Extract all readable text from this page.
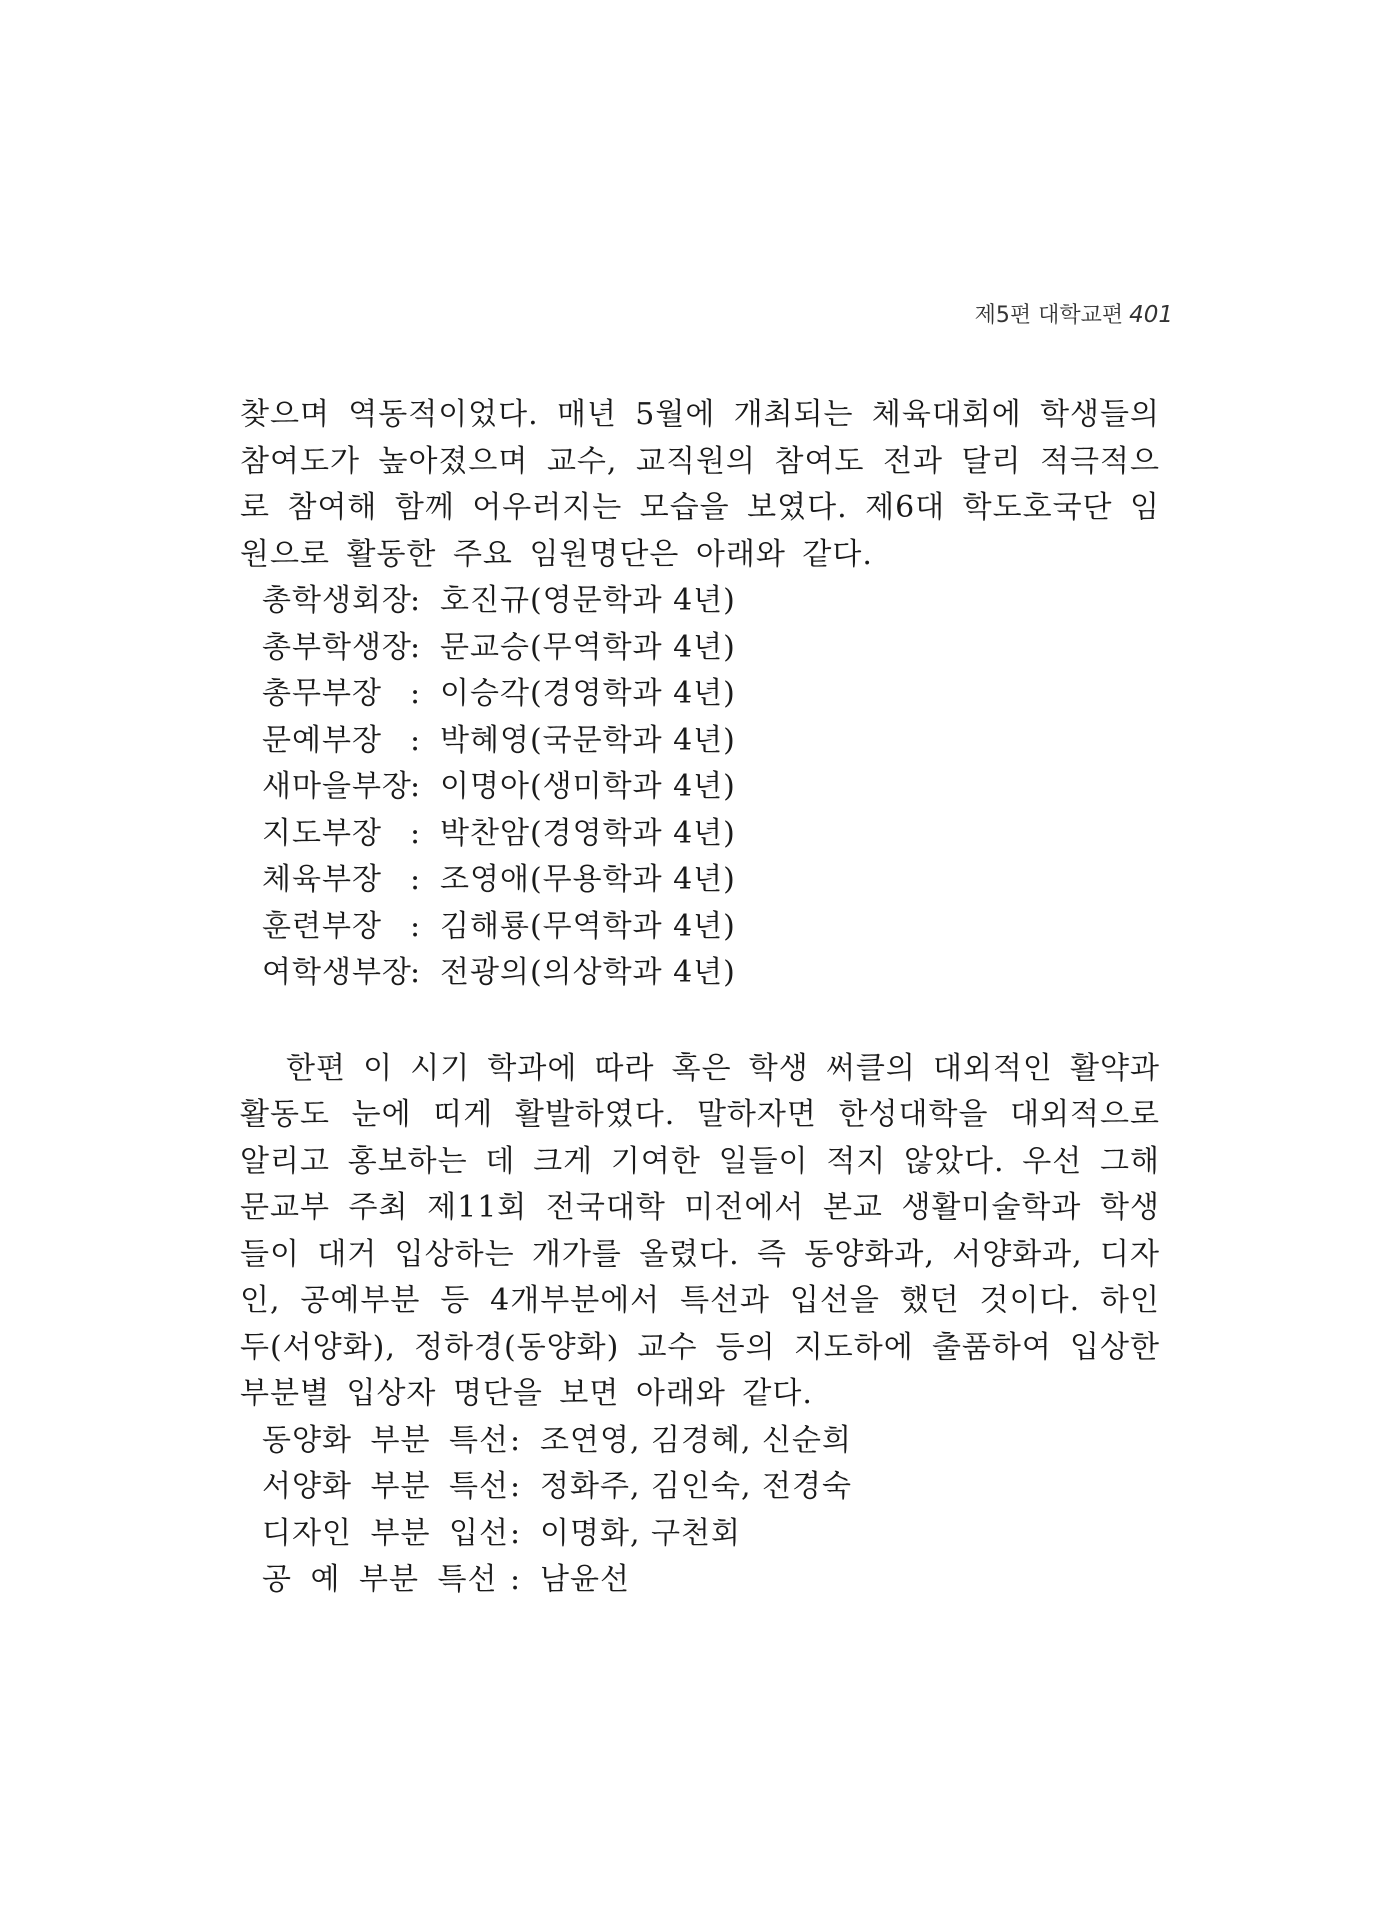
제5편 대학교편 401

찾으며 역동적이었다. 매년 5월에 개최되는 체육대회에 학생들의 참여도가 높아졌으며 교수, 교직원의 참여도 전과 달리 적극적으로 참여해 함께 어우러지는 모습을 보였다. 제6대 학도호국단 임원으로 활동한 주요 임원명단은 아래와 같다.

총학생회장: 호진규(영문학과 4년)
총부학생장: 문교승(무역학과 4년)
총무부장 : 이승각(경영학과 4년)
문예부장 : 박혜영(국문학과 4년)
새마을부장: 이명아(생미학과 4년)
지도부장 : 박찬암(경영학과 4년)
체육부장 : 조영애(무용학과 4년)
훈련부장 : 김해룡(무역학과 4년)
여학생부장: 전광의(의상학과 4년)

한편 이 시기 학과에 따라 혹은 학생 써클의 대외적인 활약과 활동도 눈에 띠게 활발하였다. 말하자면 한성대학을 대외적으로 알리고 홍보하는 데 크게 기여한 일들이 적지 않았다. 우선 그해 문교부 주최 제11회 전국대학 미전에서 본교 생활미술학과 학생들이 대거 입상하는 개가를 올렸다. 즉 동양화과, 서양화과, 디자인, 공예부분 등 4개부분에서 특선과 입선을 했던 것이다. 하인두(서양화), 정하경(동양화) 교수 등의 지도하에 출품하여 입상한 부분별 입상자 명단을 보면 아래와 같다.

동양화 부분 특선: 조연영, 김경혜, 신순희
서양화 부분 특선: 정화주, 김인숙, 전경숙
디자인 부분 입선: 이명화, 구천회
공 예 부분 특선 : 남윤선
